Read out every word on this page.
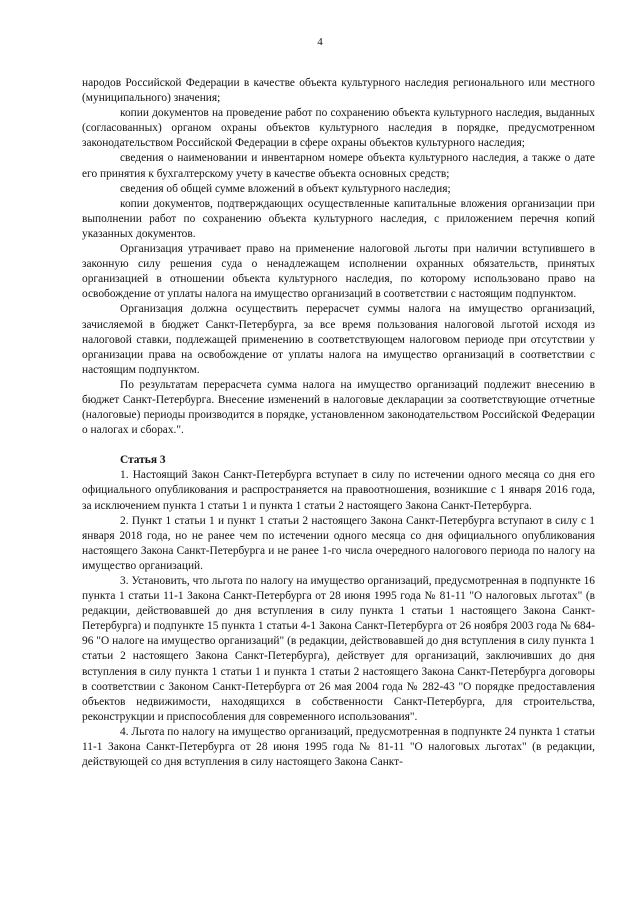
4

народов Российской Федерации в качестве объекта культурного наследия регионального или местного (муниципального) значения;

копии документов на проведение работ по сохранению объекта культурного наследия, выданных (согласованных) органом охраны объектов культурного наследия в порядке, предусмотренном законодательством Российской Федерации в сфере охраны объектов культурного наследия;

сведения о наименовании и инвентарном номере объекта культурного наследия, а также о дате его принятия к бухгалтерскому учету в качестве объекта основных средств;

сведения об общей сумме вложений в объект культурного наследия;

копии документов, подтверждающих осуществленные капитальные вложения организации при выполнении работ по сохранению объекта культурного наследия, с приложением перечня копий указанных документов.

Организация утрачивает право на применение налоговой льготы при наличии вступившего в законную силу решения суда о ненадлежащем исполнении охранных обязательств, принятых организацией в отношении объекта культурного наследия, по которому использовано право на освобождение от уплаты налога на имущество организаций в соответствии с настоящим подпунктом.

Организация должна осуществить перерасчет суммы налога на имущество организаций, зачисляемой в бюджет Санкт-Петербурга, за все время пользования налоговой льготой исходя из налоговой ставки, подлежащей применению в соответствующем налоговом периоде при отсутствии у организации права на освобождение от уплаты налога на имущество организаций в соответствии с настоящим подпунктом.

По результатам перерасчета сумма налога на имущество организаций подлежит внесению в бюджет Санкт-Петербурга. Внесение изменений в налоговые декларации за соответствующие отчетные (налоговые) периоды производится в порядке, установленном законодательством Российской Федерации о налогах и сборах.".

Статья 3

1. Настоящий Закон Санкт-Петербурга вступает в силу по истечении одного месяца со дня его официального опубликования и распространяется на правоотношения, возникшие с 1 января 2016 года, за исключением пункта 1 статьи 1 и пункта 1 статьи 2 настоящего Закона Санкт-Петербурга.

2. Пункт 1 статьи 1 и пункт 1 статьи 2 настоящего Закона Санкт-Петербурга вступают в силу с 1 января 2018 года, но не ранее чем по истечении одного месяца со дня официального опубликования настоящего Закона Санкт-Петербурга и не ранее 1-го числа очередного налогового периода по налогу на имущество организаций.

3. Установить, что льгота по налогу на имущество организаций, предусмотренная в подпункте 16 пункта 1 статьи 11-1 Закона Санкт-Петербурга от 28 июня 1995 года № 81-11 "О налоговых льготах" (в редакции, действовавшей до дня вступления в силу пункта 1 статьи 1 настоящего Закона Санкт-Петербурга) и подпункте 15 пункта 1 статьи 4-1 Закона Санкт-Петербурга от 26 ноября 2003 года № 684-96 "О налоге на имущество организаций" (в редакции, действовавшей до дня вступления в силу пункта 1 статьи 2 настоящего Закона Санкт-Петербурга), действует для организаций, заключивших до дня вступления в силу пункта 1 статьи 1 и пункта 1 статьи 2 настоящего Закона Санкт-Петербурга договоры в соответствии с Законом Санкт-Петербурга от 26 мая 2004 года № 282-43 "О порядке предоставления объектов недвижимости, находящихся в собственности Санкт-Петербурга, для строительства, реконструкции и приспособления для современного использования".

4. Льгота по налогу на имущество организаций, предусмотренная в подпункте 24 пункта 1 статьи 11-1 Закона Санкт-Петербурга от 28 июня 1995 года № 81-11 "О налоговых льготах" (в редакции, действующей со дня вступления в силу настоящего Закона Санкт-
